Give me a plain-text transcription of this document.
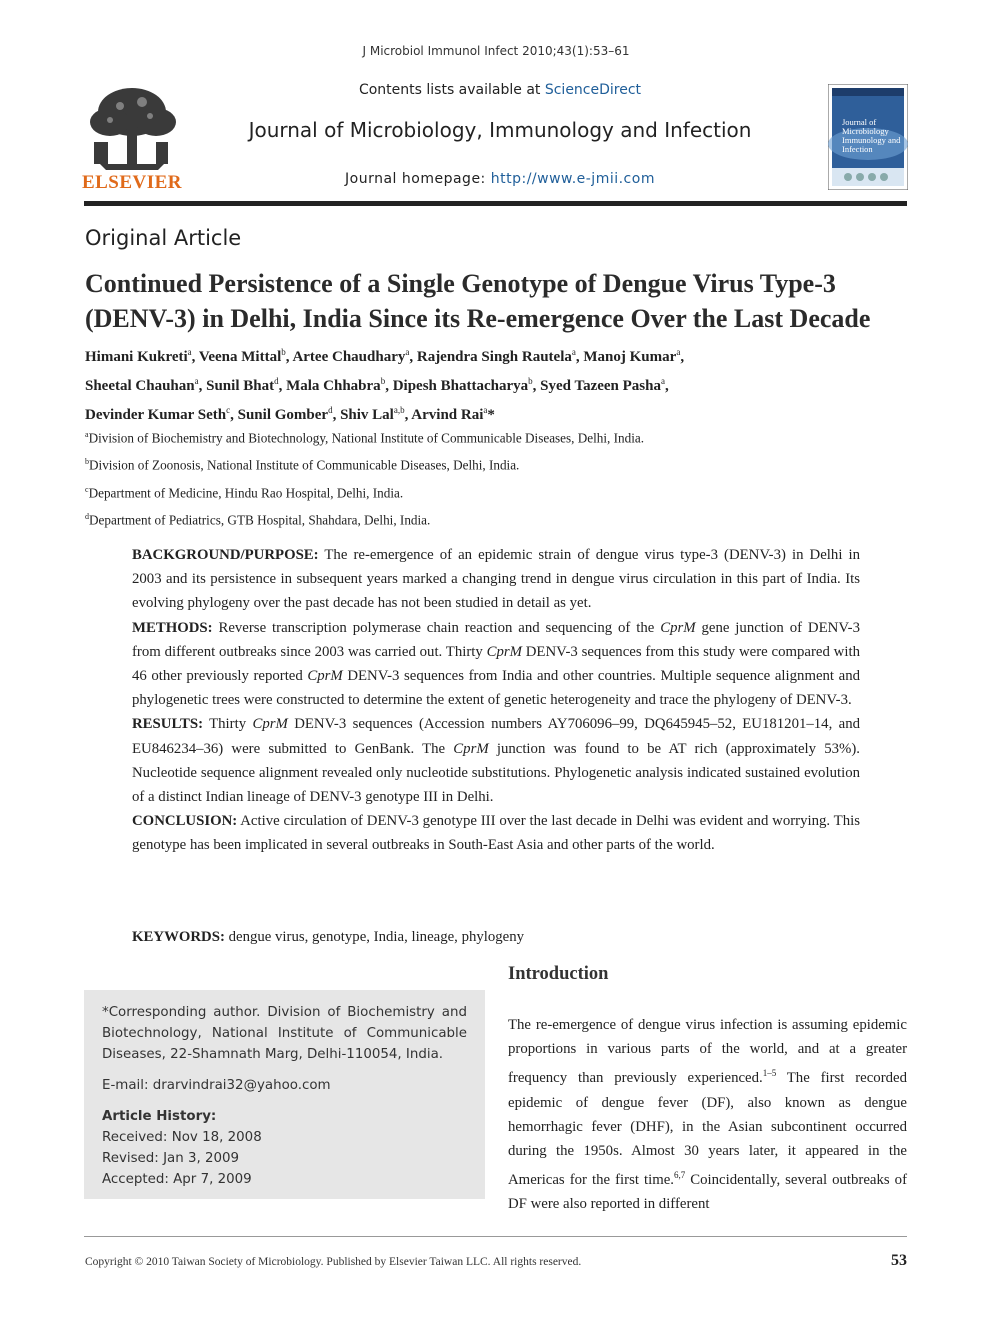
J Microbiol Immunol Infect 2010;43(1):53–61
ELSEVIER
Contents lists available at ScienceDirect
Journal of Microbiology, Immunology and Infection
Journal homepage: http://www.e-jmii.com
Journal of Microbiology Immunology and Infection
Original Article
Continued Persistence of a Single Genotype of Dengue Virus Type-3 (DENV-3) in Delhi, India Since its Re-emergence Over the Last Decade
Himani Kukreti$^a$, Veena Mittal$^b$, Artee Chaudhary$^a$, Rajendra Singh Rautela$^a$, Manoj Kumar$^a$,
Sheetal Chauhan$^a$, Sunil Bhat$^d$, Mala Chhabra$^b$, Dipesh Bhattacharya$^b$, Syed Tazeen Pasha$^a$,
Devinder Kumar Seth$^c$, Sunil Gomber$^d$, Shiv Lal$^{a,b}$, Arvind Rai$^a$*
$^a$Division of Biochemistry and Biotechnology, National Institute of Communicable Diseases, Delhi, India.
$^b$Division of Zoonosis, National Institute of Communicable Diseases, Delhi, India.
$^c$Department of Medicine, Hindu Rao Hospital, Delhi, India.
$^d$Department of Pediatrics, GTB Hospital, Shahdara, Delhi, India.

BACKGROUND/PURPOSE: The re-emergence of an epidemic strain of dengue virus type-3 (DENV-3) in Delhi in 2003 and its persistence in subsequent years marked a changing trend in dengue virus circulation in this part of India. Its evolving phylogeny over the past decade has not been studied in detail as yet.

METHODS: Reverse transcription polymerase chain reaction and sequencing of the CprM gene junction of DENV-3 from different outbreaks since 2003 was carried out. Thirty CprM DENV-3 sequences from this study were compared with 46 other previously reported CprM DENV-3 sequences from India and other countries. Multiple sequence alignment and phylogenetic trees were constructed to determine the extent of genetic heterogeneity and trace the phylogeny of DENV-3.

RESULTS: Thirty CprM DENV-3 sequences (Accession numbers AY706096–99, DQ645945–52, EU181201–14, and EU846234–36) were submitted to GenBank. The CprM junction was found to be AT rich (approximately 53%). Nucleotide sequence alignment revealed only nucleotide substitutions. Phylogenetic analysis indicated sustained evolution of a distinct Indian lineage of DENV-3 genotype III in Delhi.

CONCLUSION: Active circulation of DENV-3 genotype III over the last decade in Delhi was evident and worrying. This genotype has been implicated in several outbreaks in South-East Asia and other parts of the world.

KEYWORDS: dengue virus, genotype, India, lineage, phylogeny

*Corresponding author. Division of Biochemistry and Biotechnology, National Institute of Communicable Diseases, 22-Shamnath Marg, Delhi-110054, India.

E-mail: drarvindrai32@yahoo.com

Article History:
Received: Nov 18, 2008
Revised: Jan 3, 2009
Accepted: Apr 7, 2009
Introduction
The re-emergence of dengue virus infection is assuming epidemic proportions in various parts of the world, and at a greater frequency than previously experienced.$^{1-5}$ The first recorded epidemic of dengue fever (DF), also known as dengue hemorrhagic fever (DHF), in the Asian subcontinent occurred during the 1950s. Almost 30 years later, it appeared in the Americas for the first time.$^{6,7}$ Coincidentally, several outbreaks of DF were also reported in different
Copyright © 2010 Taiwan Society of Microbiology. Published by Elsevier Taiwan LLC. All rights reserved.	53
